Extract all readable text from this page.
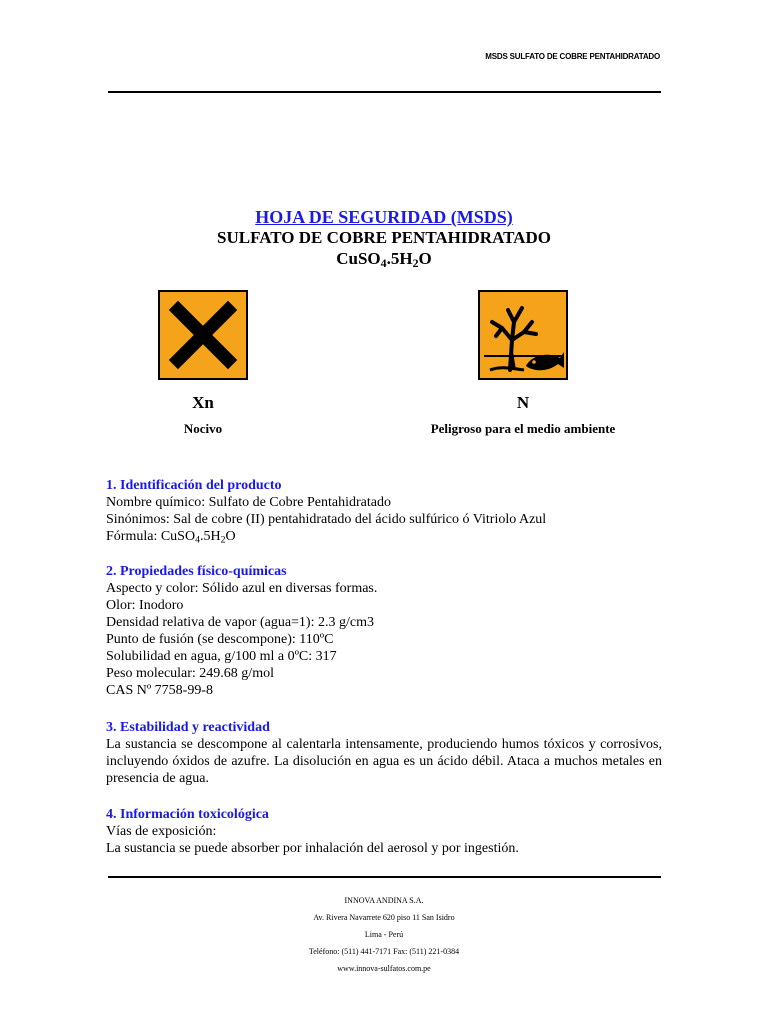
MSDS SULFATO DE COBRE PENTAHIDRATADO
HOJA DE SEGURIDAD (MSDS)
SULFATO DE COBRE PENTAHIDRATADO
$CuSO_4.5H_2O$
Xn
Nocivo
N
Peligroso para el medio ambiente
1. Identificación del producto

Nombre químico: Sulfato de Cobre Pentahidratado

Sinónimos: Sal de cobre (II) pentahidratado del ácido sulfúrico ó Vitriolo Azul

Fórmula: $CuSO_4.5H_2O$

2. Propiedades físico-químicas

Aspecto y color: Sólido azul en diversas formas.

Olor: Inodoro

Densidad relativa de vapor (agua=1): 2.3 g/cm3

Punto de fusión (se descompone): 110ºC

Solubilidad en agua, g/100 ml a 0ºC: 317

Peso molecular: 249.68 g/mol

CAS Nº 7758-99-8

3. Estabilidad y reactividad

La sustancia se descompone al calentarla intensamente, produciendo humos tóxicos y corrosivos, incluyendo óxidos de azufre. La disolución en agua es un ácido débil. Ataca a muchos metales en presencia de agua.

4. Información toxicológica

Vías de exposición:

La sustancia se puede absorber por inhalación del aerosol y por ingestión.

INNOVA ANDINA S.A.
Av. Rivera Navarrete 620 piso 11 San Isidro
Lima - Perú
Teléfono: (511) 441-7171 Fax: (511) 221-0384
www.innova-sulfatos.com.pe
